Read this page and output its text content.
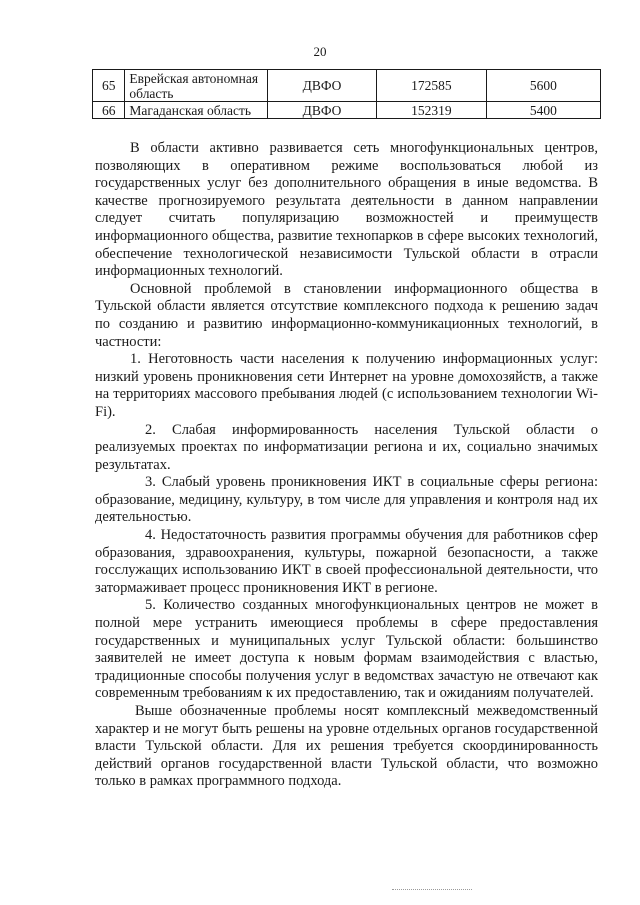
20
65	Еврейская автономная область	ДВФО	172585	5600
66	Магаданская область	ДВФО	152319	5400

В области активно развивается сеть многофункциональных центров, позволяющих в оперативном режиме воспользоваться любой из государственных услуг без дополнительного обращения в иные ведомства. В качестве прогнозируемого результата деятельности в данном направлении следует считать популяризацию возможностей и преимуществ информационного общества, развитие технопарков в сфере высоких технологий, обеспечение технологической независимости Тульской области в отрасли информационных технологий.

Основной проблемой в становлении информационного общества в Тульской области является отсутствие комплексного подхода к решению задач по созданию и развитию информационно-коммуникационных технологий, в частности:

1. Неготовность части населения к получению информационных услуг: низкий уровень проникновения сети Интернет на уровне домохозяйств, а также на территориях массового пребывания людей (с использованием технологии Wi-Fi).

2. Слабая информированность населения Тульской области о реализуемых проектах по информатизации региона и их, социально значимых результатах.

3. Слабый уровень проникновения ИКТ в социальные сферы региона: образование, медицину, культуру, в том числе для управления и контроля над их деятельностью.

4. Недостаточность развития программы обучения для работников сфер образования, здравоохранения, культуры, пожарной безопасности, а также госслужащих использованию ИКТ в своей профессиональной деятельности, что затормаживает процесс проникновения ИКТ в регионе.

5. Количество созданных многофункциональных центров не может в полной мере устранить имеющиеся проблемы в сфере предоставления государственных и муниципальных услуг Тульской области: большинство заявителей не имеет доступа к новым формам взаимодействия с властью, традиционные способы получения услуг в ведомствах зачастую не отвечают как современным требованиям к их предоставлению, так и ожиданиям получателей.

Выше обозначенные проблемы носят комплексный межведомственный характер и не могут быть решены на уровне отдельных органов государственной власти Тульской области. Для их решения требуется скоординированность действий органов государственной власти Тульской области, что возможно только в рамках программного подхода.
